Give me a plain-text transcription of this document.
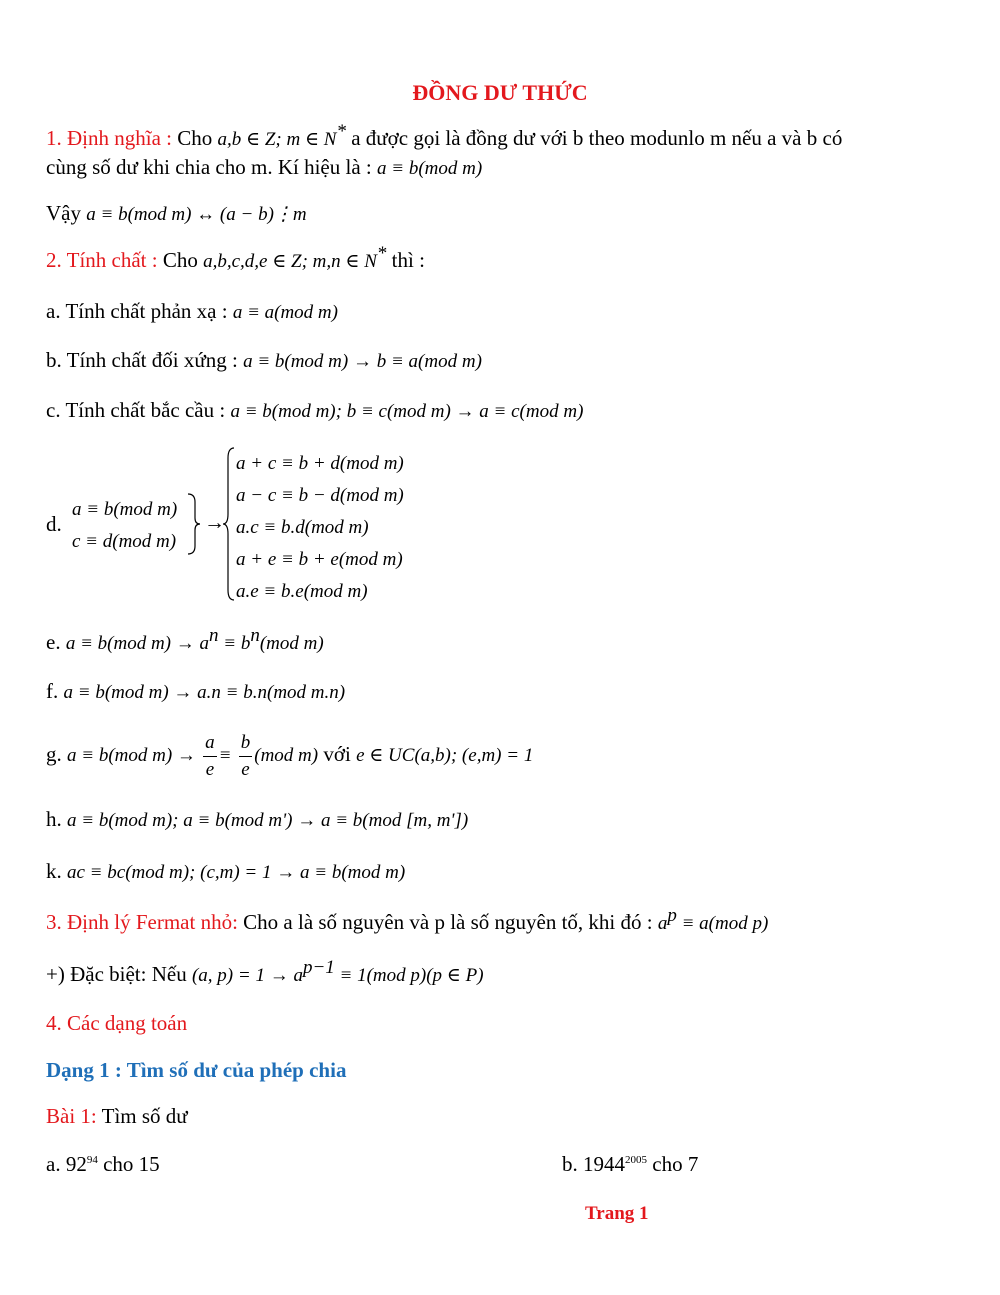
ĐỒNG DƯ THỨC
1. Định nghĩa : Cho a,b ∈ Z; m ∈ N* a được gọi là đồng dư với b theo modunlo m nếu a và b có
cùng số dư khi chia cho m. Kí hiệu là : a ≡ b(mod m)
Vậy a ≡ b(mod m) ↔ (a − b)⋮m
2. Tính chất : Cho a,b,c,d,e ∈ Z; m,n ∈ N* thì :
a. Tính chất phản xạ : a ≡ a(mod m)
b. Tính chất đối xứng : a ≡ b(mod m) → b ≡ a(mod m)
c. Tính chất bắc cầu : a ≡ b(mod m); b ≡ c(mod m) → a ≡ c(mod m)
d.
a ≡ b(mod m)
c ≡ d(mod m)
→
a + c ≡ b + d(mod m)
a − c ≡ b − d(mod m)
a.c ≡ b.d(mod m)
a + e ≡ b + e(mod m)
a.e ≡ b.e(mod m)
e. a ≡ b(mod $m) \to a^n \equiv b^n(mod$ m)
f. a ≡ b(mod m) → a.n ≡ b.n(mod m.n)
g. a ≡ b(mod $m) \to \frac{a}{e} \equiv \frac{b}{e} (mod$ m) với e ∈ UC(a,b); (e,m) = 1
h. a ≡ b(mod m); a ≡ b(mod m') → a ≡ b(mod [m, m'])
k. ac ≡ bc(mod m); (c,m) = 1 → a ≡ b(mod m)
3. Định lý Fermat nhỏ: Cho a là số nguyên và p là số nguyên tố, khi đó : $a^p \equiv a(mod$ p)
+) Đặc biệt: Nếu (a, $p) = 1 \to a^{p-1} \equiv 1(mod$ p)(p ∈ P)
4. Các dạng toán
Dạng 1 : Tìm số dư của phép chia
Bài 1: Tìm số dư
a. $92^{94}$ cho 15	b. $1944^{2005}$ cho 7
Trang 1
